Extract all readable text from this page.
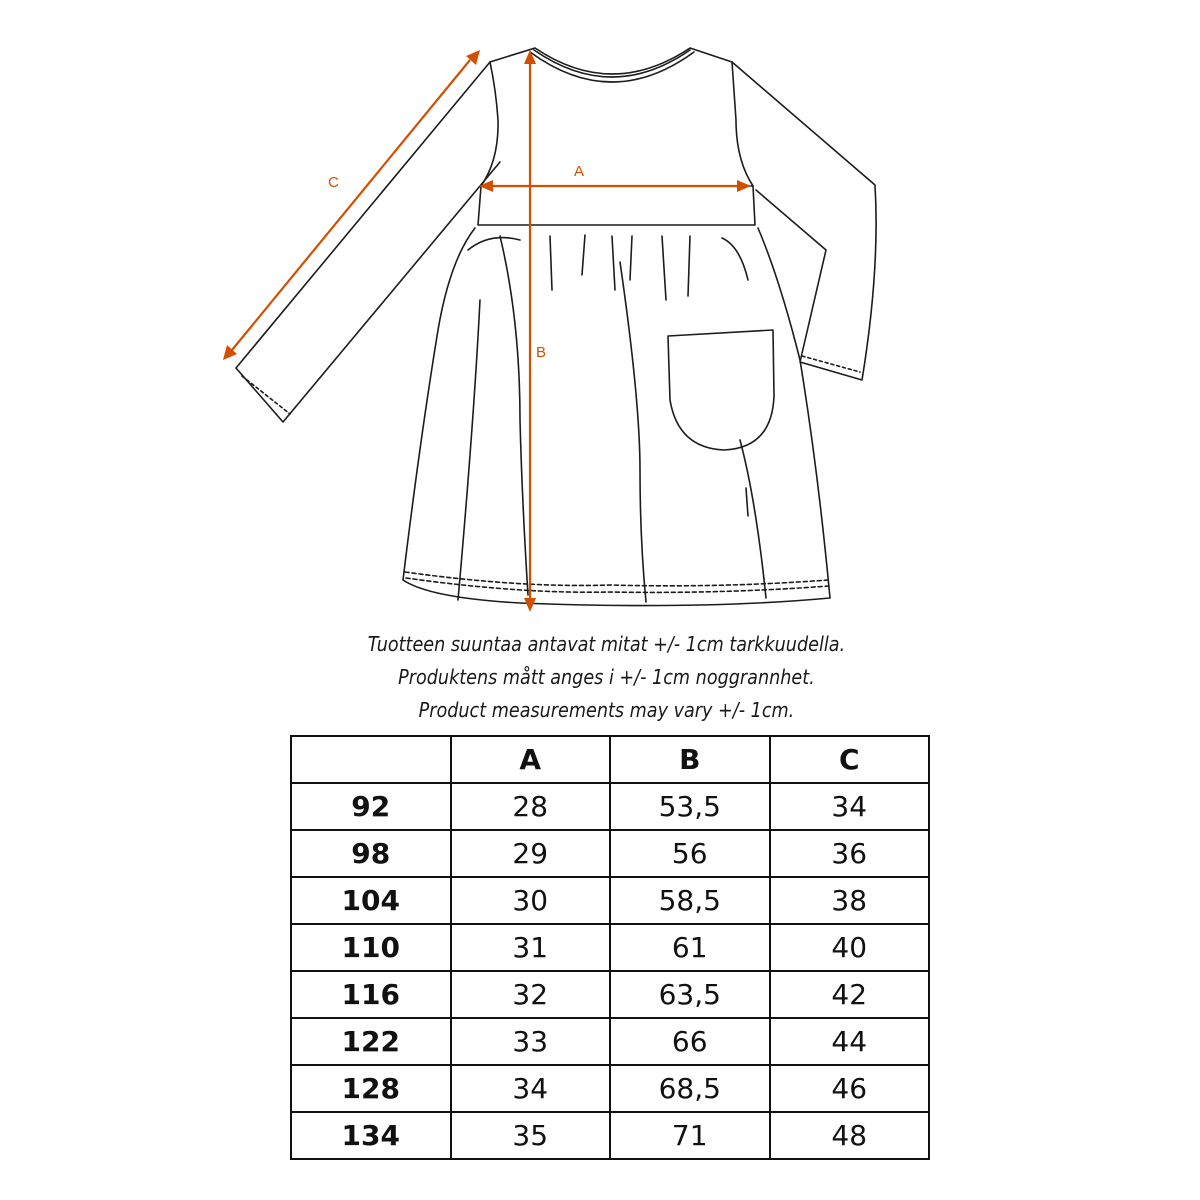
A
B
C
Tuotteen suuntaa antavat mitat +/- 1cm tarkkuudella.
Produktens mått anges i +/- 1cm noggrannhet.
Product measurements may vary +/- 1cm.
	A	B	C
92	28	53,5	34
98	29	56	36
104	30	58,5	38
110	31	61	40
116	32	63,5	42
122	33	66	44
128	34	68,5	46
134	35	71	48
